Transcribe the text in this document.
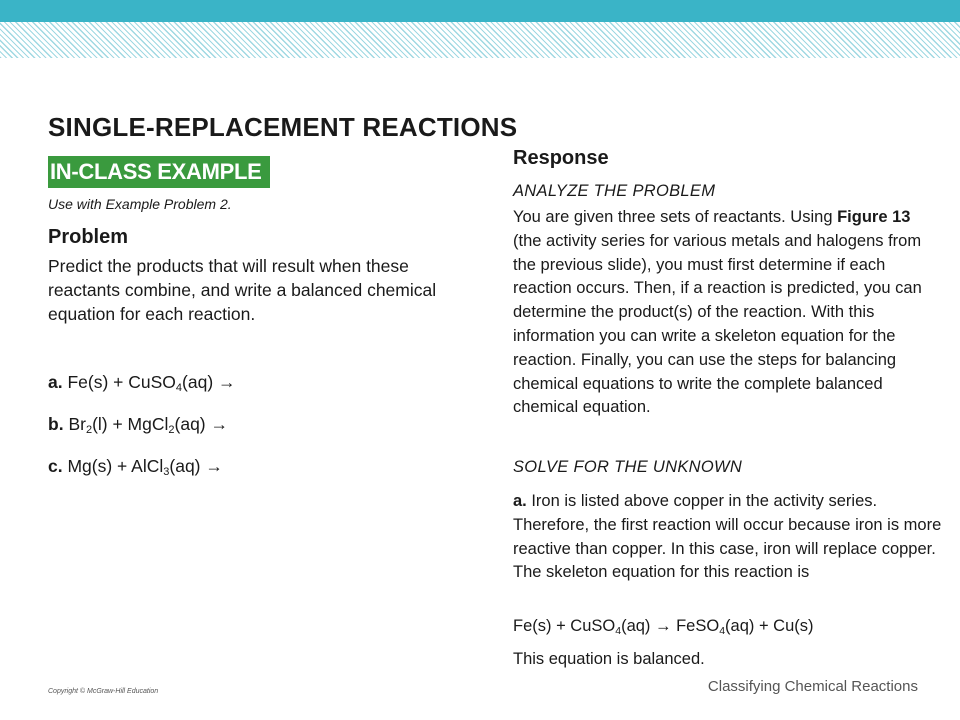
SINGLE-REPLACEMENT REACTIONS
IN-CLASS EXAMPLE
Use with Example Problem 2.
Problem
Predict the products that will result when these reactants combine, and write a balanced chemical equation for each reaction.
a. Fe(s) + CuSO$_4$(aq) →
b. $Br_2(l)$ + MgCl$_2$(aq) →
c. Mg(s) + AlCl$_3$(aq) →
Copyright © McGraw-Hill Education
Response
ANALYZE THE PROBLEM
You are given three sets of reactants. Using Figure 13 (the activity series for various metals and halogens from the previous slide), you must first determine if each reaction occurs. Then, if a reaction is predicted, you can determine the product(s) of the reaction. With this information you can write a skeleton equation for the reaction. Finally, you can use the steps for balancing chemical equations to write the complete balanced chemical equation.
SOLVE FOR THE UNKNOWN
a. Iron is listed above copper in the activity series. Therefore, the first reaction will occur because iron is more reactive than copper. In this case, iron will replace copper. The skeleton equation for this reaction is
Fe(s) + CuSO$_4$(aq) → FeSO$_4$(aq) + Cu(s)
This equation is balanced.
Classifying Chemical Reactions
